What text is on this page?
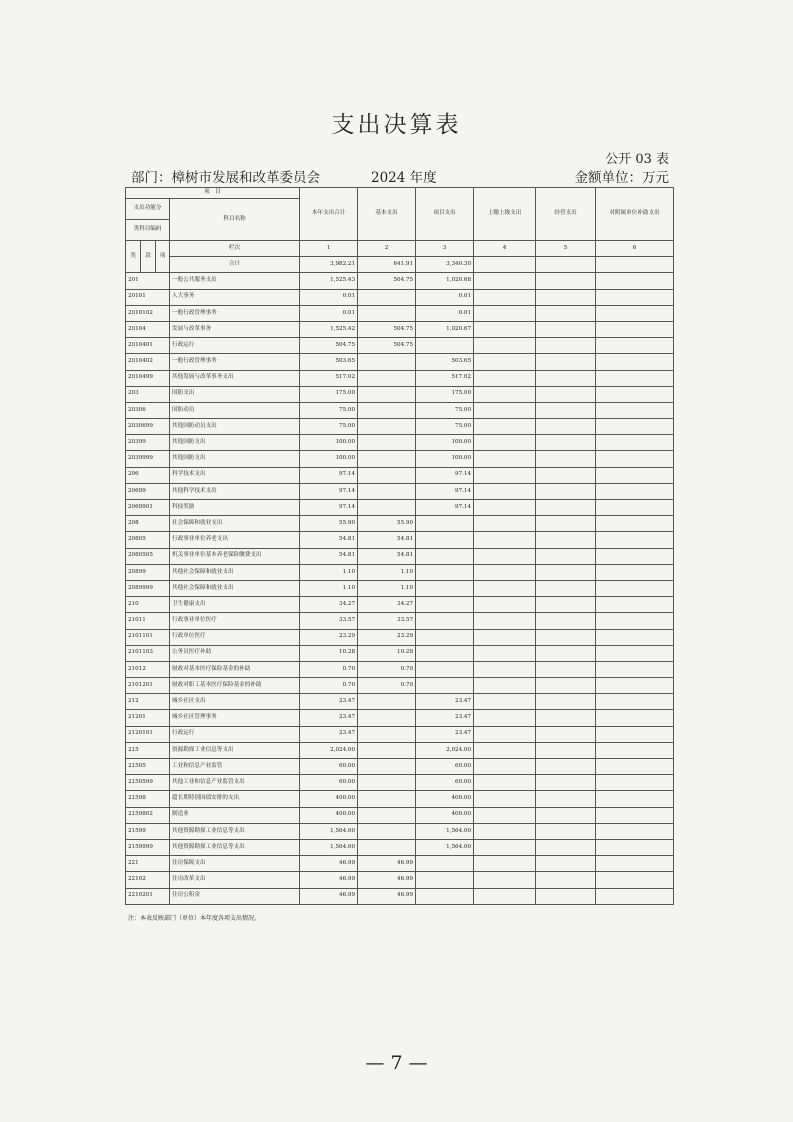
支出决算表
公开 03 表
部门：樟树市发展和改革委员会	2024 年度	金额单位：万元
项　目				本年支出合计	基本支出	项目支出	上缴上级支出	经营支出	对附属单位补助支出
支出功能分			科目名称						
类科目编码									
类	款	项	栏次	1	2	3	4	5	6
			合计	3,982.21	641.91	3,340.30			
201			一般公共服务支出	1,525.43	504.75	1,020.68			
20101			人大事务	0.01		0.01			
2010102			一般行政管理事务	0.01		0.01			
20104			发展与改革事务	1,525.42	504.75	1,020.67			
2010401			行政运行	504.75	504.75				
2010402			一般行政管理事务	503.65		503.65			
2010499			其他发展与改革事务支出	517.02		517.02			
203			国防支出	175.00		175.00			
20306			国防动员	75.00		75.00			
2030699			其他国防动员支出	75.00		75.00			
20399			其他国防支出	100.00		100.00			
2039999			其他国防支出	100.00		100.00			
206			科学技术支出	97.14		97.14			
20699			其他科学技术支出	97.14		97.14			
2069901			科技奖励	97.14		97.14			
208			社会保障和就业支出	55.90	55.90				
20805			行政事业单位养老支出	54.81	54.81				
2080505			机关事业单位基本养老保险缴费支出	54.81	54.81				
20899			其他社会保障和就业支出	1.10	1.10				
2089999			其他社会保障和就业支出	1.10	1.10				
210			卫生健康支出	34.27	34.27				
21011			行政事业单位医疗	33.57	33.57				
2101101			行政单位医疗	23.29	23.29				
2101103			公务员医疗补助	10.28	10.28				
21012			财政对基本医疗保险基金的补助	0.70	0.70				
2101201			财政对职工基本医疗保险基金的补助	0.70	0.70				
212			城乡社区支出	23.47		23.47			
21201			城乡社区管理事务	23.47		23.47			
2120101			行政运行	23.47		23.47			
215			资源勘探工业信息等支出	2,024.00		2,024.00			
21505			工业和信息产业监管	60.00		60.00			
2150599			其他工业和信息产业监管支出	60.00		60.00			
21598			超长期特别国债安排的支出	400.00		400.00			
2159802			制造业	400.00		400.00			
21599			其他资源勘探工业信息等支出	1,564.00		1,564.00			
2159999			其他资源勘探工业信息等支出	1,564.00		1,564.00			
221			住房保障支出	46.99	46.99				
22102			住房改革支出	46.99	46.99				
2210201			住房公积金	46.99	46.99				
注：本表反映部门（单位）本年度各项支出情况。
— 7 —
